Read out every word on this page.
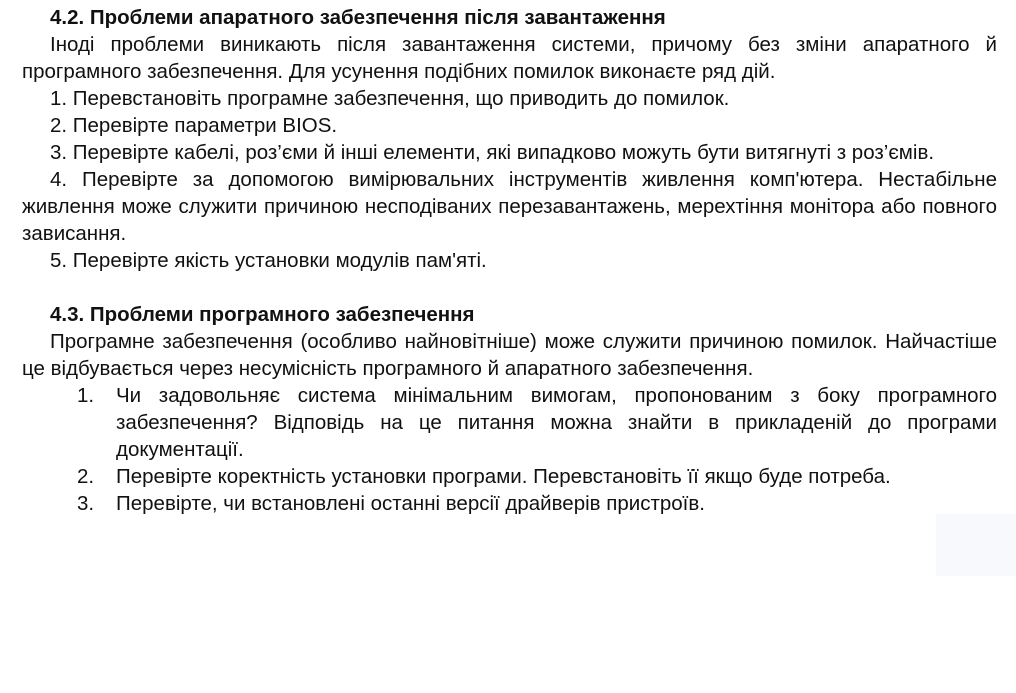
4.2. Проблеми апаратного забезпечення після завантаження

Іноді проблеми виникають після завантаження системи, причому без зміни апаратного й програмного забезпечення. Для усунення подібних помилок виконаєте ряд дій.

1. Перевстановіть програмне забезпечення, що приводить до помилок.

2. Перевірте параметри BIOS.

3. Перевірте кабелі, роз’єми й інші елементи, які випадково можуть бути витягнуті з роз’ємів.

4. Перевірте за допомогою вимірювальних інструментів живлення комп'ютера. Нестабільне живлення може служити причиною несподіваних перезавантажень, мерехтіння монітора або повного зависання.

5. Перевірте якість установки модулів пам'яті.

4.3. Проблеми програмного забезпечення

Програмне забезпечення (особливо найновітніше) може служити причиною помилок. Найчастіше це відбувається через несумісність програмного й апаратного забезпечення.

1. Чи задовольняє система мінімальним вимогам, пропонованим з боку програмного забезпечення? Відповідь на це питання можна знайти в прикладеній до програми документації.
2. Перевірте коректність установки програми. Перевстановіть її якщо буде потреба.
3. Перевірте, чи встановлені останні версії драйверів пристроїв.
